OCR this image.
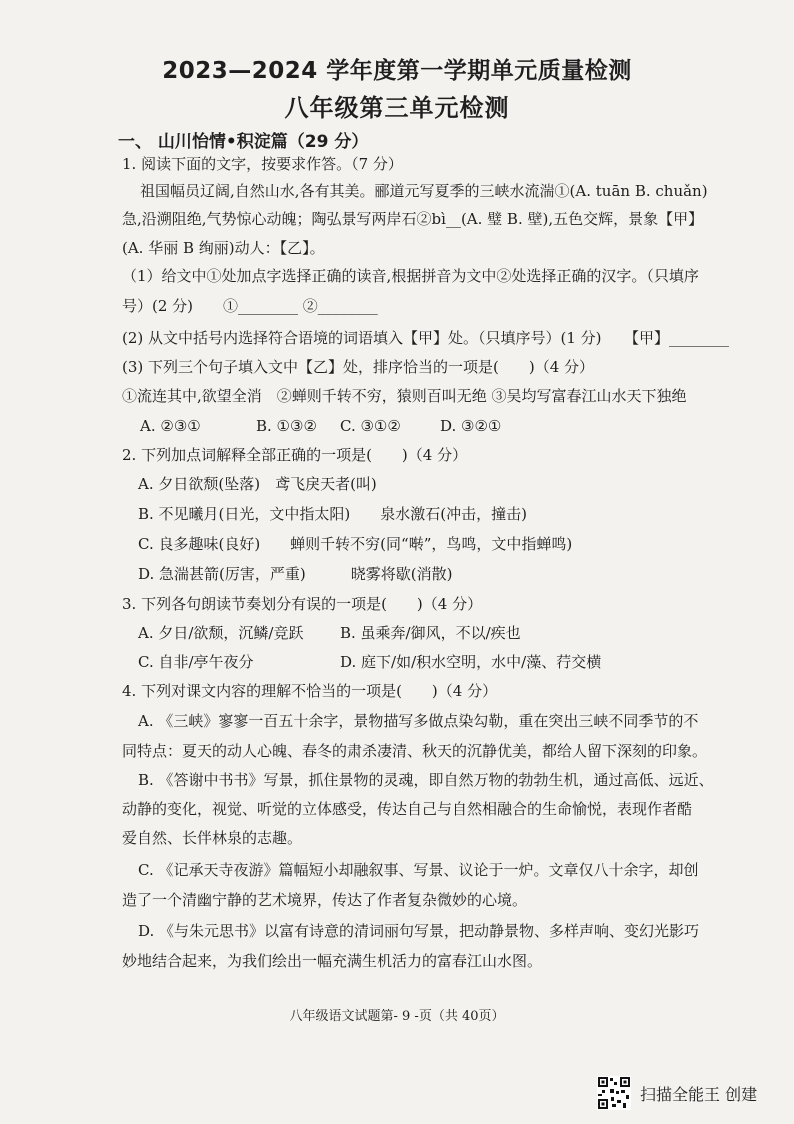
2023—2024 学年度第一学期单元质量检测
八年级第三单元检测
一、 山川怡情•积淀篇（29 分）
1. 阅读下面的文字，按要求作答。（7 分）
祖国幅员辽阔,自然山水,各有其美。郦道元写夏季的三峡水流湍①(A. tuān B. chuǎn)
急,沿溯阻绝,气势惊心动魄；陶弘景写两岸石②bì__(A. 璧 B. 壁),五色交辉，景象【甲】
(A. 华丽 B 绚丽)动人：【乙】。
（1）给文中①处加点字选择正确的读音,根据拼音为文中②处选择正确的汉字。（只填序
号）(2 分)　　①________ ②________
(2) 从文中括号内选择符合语境的词语填入【甲】处。（只填序号）(1 分)　　【甲】________
(3) 下列三个句子填入文中【乙】处，排序恰当的一项是(　　)（4 分）
①流连其中,欲望全消　②蝉则千转不穷，猿则百叫无绝 ③吴均写富春江山水天下独绝
A. ②③①	B. ①③② C. ③①②	D. ③②①
2. 下列加点词解释全部正确的一项是(　　)（4 分）
A. 夕日欲颓(坠落)　鸢飞戾天者(叫)
B. 不见曦月(日光，文中指太阳)　　泉水激石(冲击，撞击)
C. 良多趣味(良好)　　蝉则千转不穷(同“啭”，鸟鸣，文中指蝉鸣)
D. 急湍甚箭(厉害，严重)　　　晓雾将歇(消散)
3. 下列各句朗读节奏划分有误的一项是(　　)（4 分）
A. 夕日/欲颓，沉鳞/竞跃 B. 虽乘奔/御风，不以/疾也
C. 自非/亭午夜分	D. 庭下/如/积水空明，水中/藻、荇交横
4. 下列对课文内容的理解不恰当的一项是(　　)（4 分）
A. 《三峡》寥寥一百五十余字，景物描写多做点染勾勒，重在突出三峡不同季节的不
同特点：夏天的动人心魄、春冬的肃杀凄清、秋天的沉静优美，都给人留下深刻的印象。
B. 《答谢中书书》写景，抓住景物的灵魂，即自然万物的勃勃生机，通过高低、远近、
动静的变化，视觉、听觉的立体感受，传达自己与自然相融合的生命愉悦，表现作者酷
爱自然、长伴林泉的志趣。
C. 《记承天寺夜游》篇幅短小却融叙事、写景、议论于一炉。文章仅八十余字，却创
造了一个清幽宁静的艺术境界，传达了作者复杂微妙的心境。
D. 《与朱元思书》以富有诗意的清词丽句写景，把动静景物、多样声响、变幻光影巧
妙地结合起来，为我们绘出一幅充满生机活力的富春江山水图。
八年级语文试题第- 9 -页（共 40页）
扫描全能王 创建
